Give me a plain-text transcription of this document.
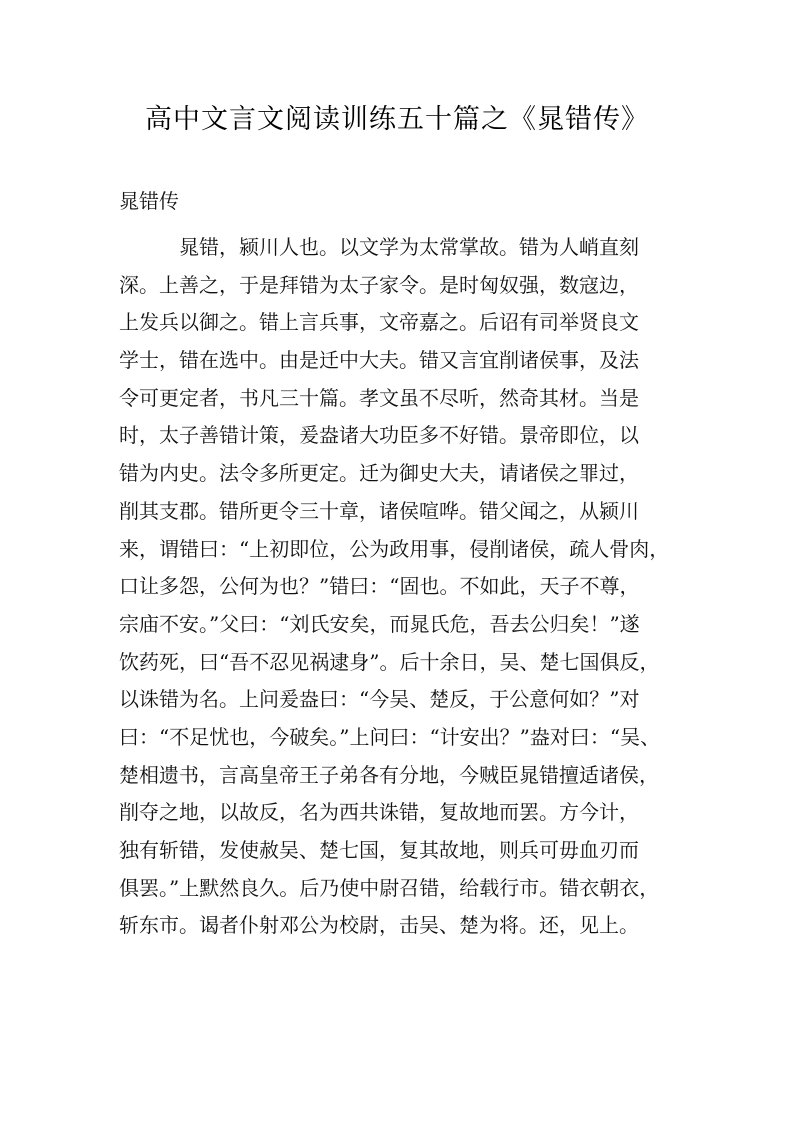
高中文言文阅读训练五十篇之《晁错传》
晁错传
晁错，颍川人也。以文学为太常掌故。错为人峭直刻
深。上善之，于是拜错为太子家令。是时匈奴强，数寇边，
上发兵以御之。错上言兵事，文帝嘉之。后诏有司举贤良文
学士，错在选中。由是迁中大夫。错又言宜削诸侯事，及法
令可更定者，书凡三十篇。孝文虽不尽听，然奇其材。当是
时，太子善错计策，爰盎诸大功臣多不好错。景帝即位，以
错为内史。法令多所更定。迁为御史大夫，请诸侯之罪过，
削其支郡。错所更令三十章，诸侯喧哗。错父闻之，从颍川
来，谓错曰：“上初即位，公为政用事，侵削诸侯，疏人骨肉，
口让多怨，公何为也？”错曰：“固也。不如此，天子不尊，
宗庙不安。”父曰：“刘氏安矣，而晁氏危，吾去公归矣！”遂
饮药死，曰“吾不忍见祸逮身”。后十余日，吴、楚七国俱反，
以诛错为名。上问爰盎曰：“今吴、楚反，于公意何如？”对
曰：“不足忧也，今破矣。”上问曰：“计安出？”盎对曰：“吴、
楚相遗书，言高皇帝王子弟各有分地，今贼臣晁错擅适诸侯，
削夺之地，以故反，名为西共诛错，复故地而罢。方今计，
独有斩错，发使赦吴、楚七国，复其故地，则兵可毋血刃而
俱罢。”上默然良久。后乃使中尉召错，给载行市。错衣朝衣，
斩东市。谒者仆射邓公为校尉，击吴、楚为将。还，见上。
